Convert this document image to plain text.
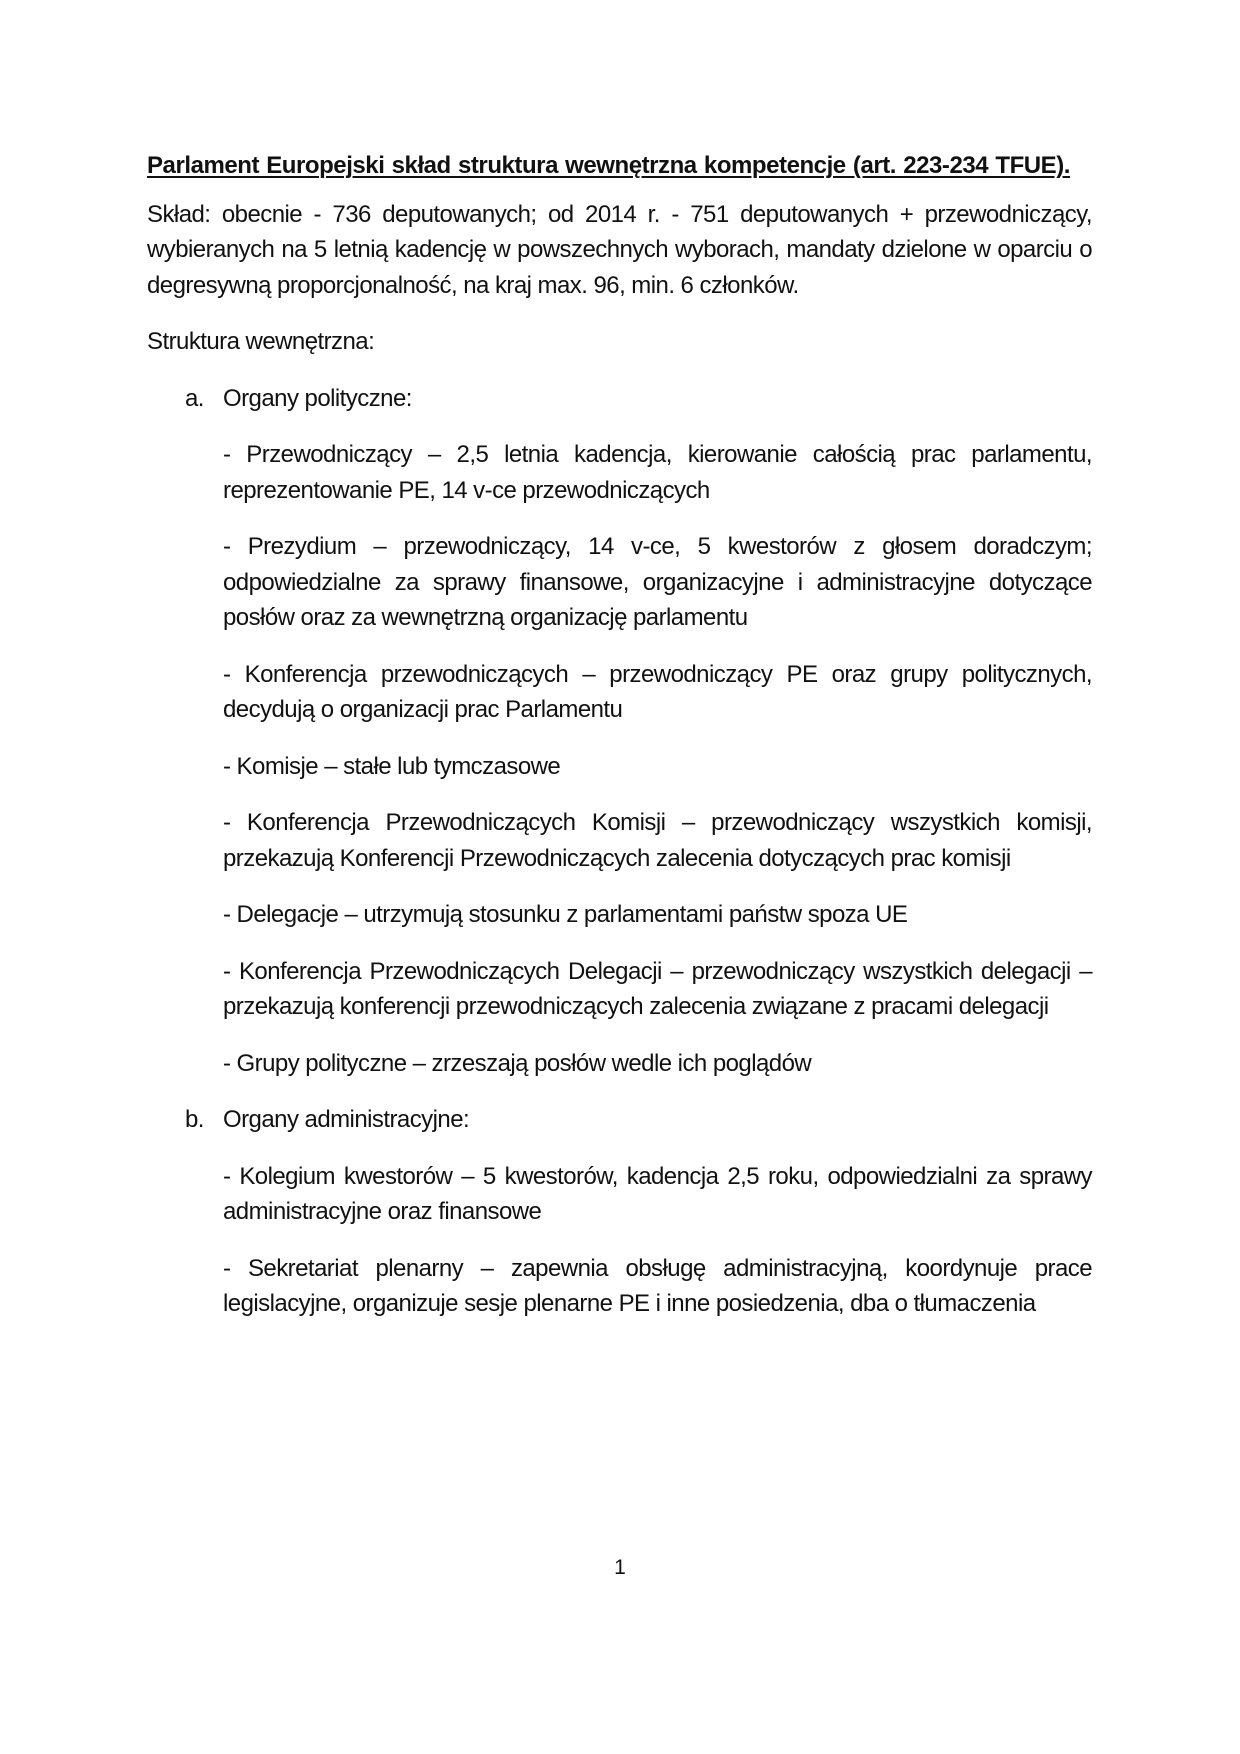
Parlament Europejski skład struktura wewnętrzna kompetencje (art. 223-234 TFUE).

Skład: obecnie - 736 deputowanych; od 2014 r. - 751 deputowanych + przewodniczący, wybieranych na 5 letnią kadencję w powszechnych wyborach, mandaty dzielone w oparciu o degresywną proporcjonalność, na kraj max. 96, min. 6 członków.

Struktura wewnętrzna:

a. Organy polityczne:

- Przewodniczący – 2,5 letnia kadencja, kierowanie całością prac parlamentu, reprezentowanie PE, 14 v-ce przewodniczących

- Prezydium – przewodniczący, 14 v-ce, 5 kwestorów z głosem doradczym; odpowiedzialne za sprawy finansowe, organizacyjne i administracyjne dotyczące posłów oraz za wewnętrzną organizację parlamentu

- Konferencja przewodniczących – przewodniczący PE oraz grupy politycznych, decydują o organizacji prac Parlamentu

- Komisje – stałe lub tymczasowe

- Konferencja Przewodniczących Komisji – przewodniczący wszystkich komisji, przekazują Konferencji Przewodniczących zalecenia dotyczących prac komisji

- Delegacje – utrzymują stosunku z parlamentami państw spoza UE

- Konferencja Przewodniczących Delegacji – przewodniczący wszystkich delegacji – przekazują konferencji przewodniczących zalecenia związane z pracami delegacji

- Grupy polityczne – zrzeszają posłów wedle ich poglądów

b. Organy administracyjne:

- Kolegium kwestorów – 5 kwestorów, kadencja 2,5 roku, odpowiedzialni za sprawy administracyjne oraz finansowe

- Sekretariat plenarny – zapewnia obsługę administracyjną, koordynuje prace legislacyjne, organizuje sesje plenarne PE i inne posiedzenia, dba o tłumaczenia

1
